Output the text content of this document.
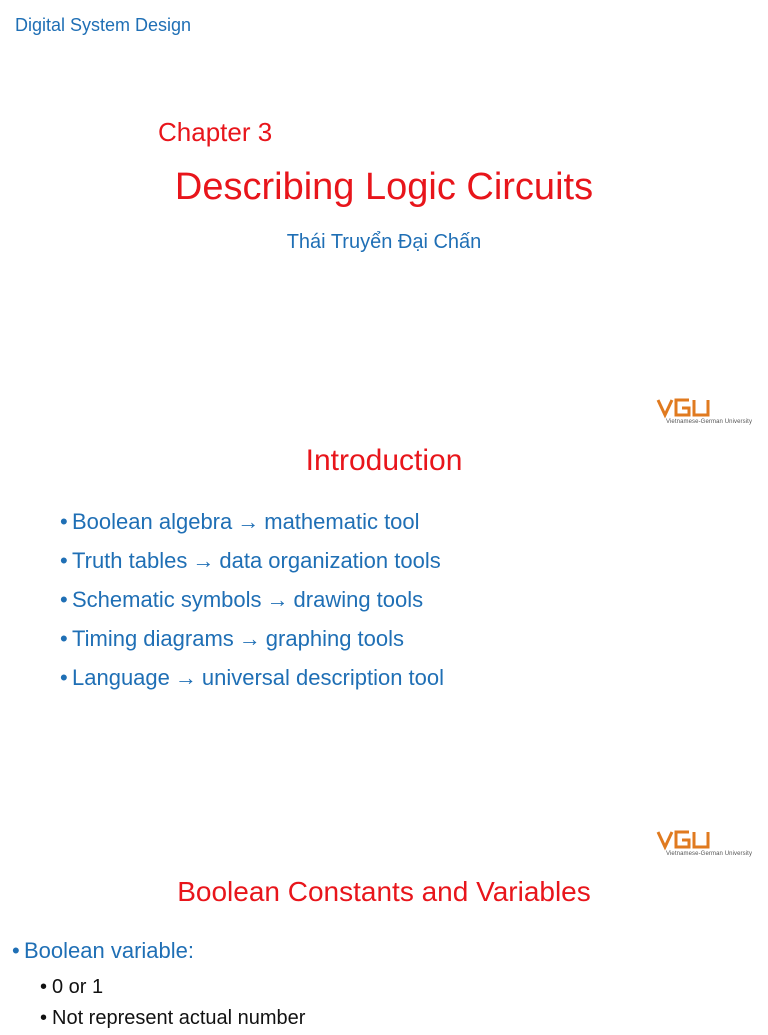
Digital System Design
Chapter 3
Describing Logic Circuits
Thái Truyển Đại Chấn
Vietnamese-German University
Introduction
• Boolean algebra → mathematic tool
• Truth tables → data organization tools
• Schematic symbols → drawing tools
• Timing diagrams → graphing tools
• Language → universal description tool
Vietnamese-German University
Boolean Constants and Variables
• Boolean variable:
• 0 or 1
• Not represent actual number
